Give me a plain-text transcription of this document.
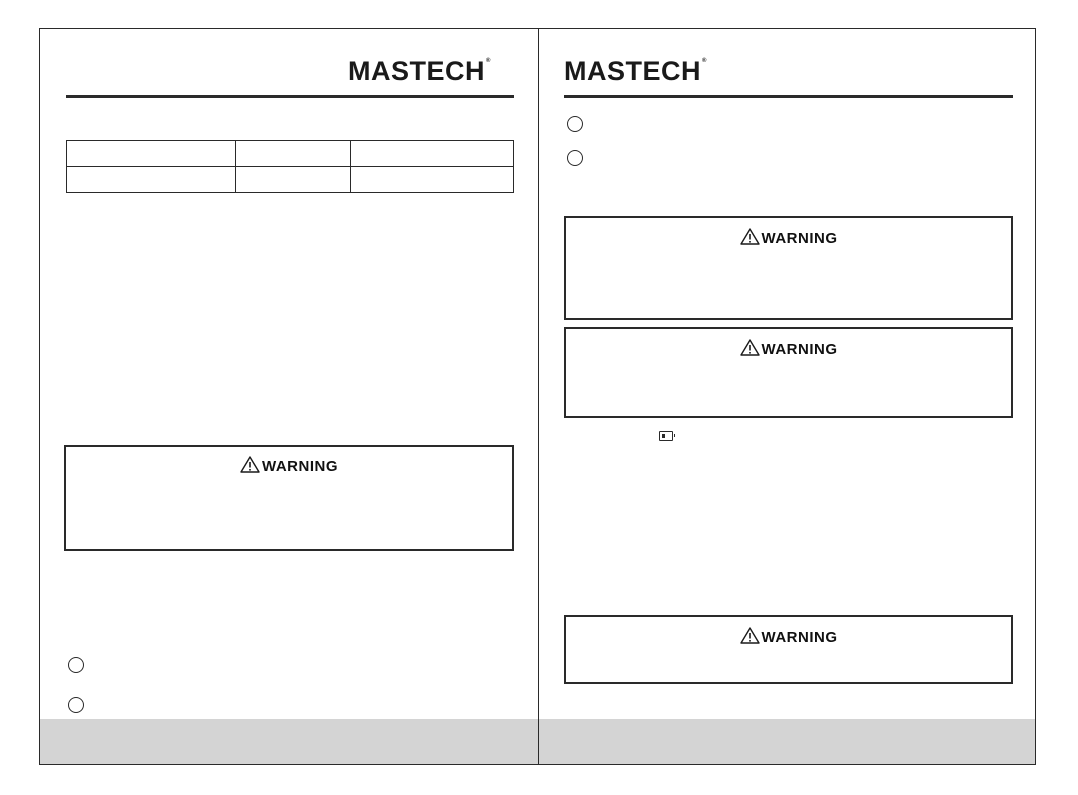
MASTECH®

WARNING
MASTECH®
WARNING
WARNING
WARNING
